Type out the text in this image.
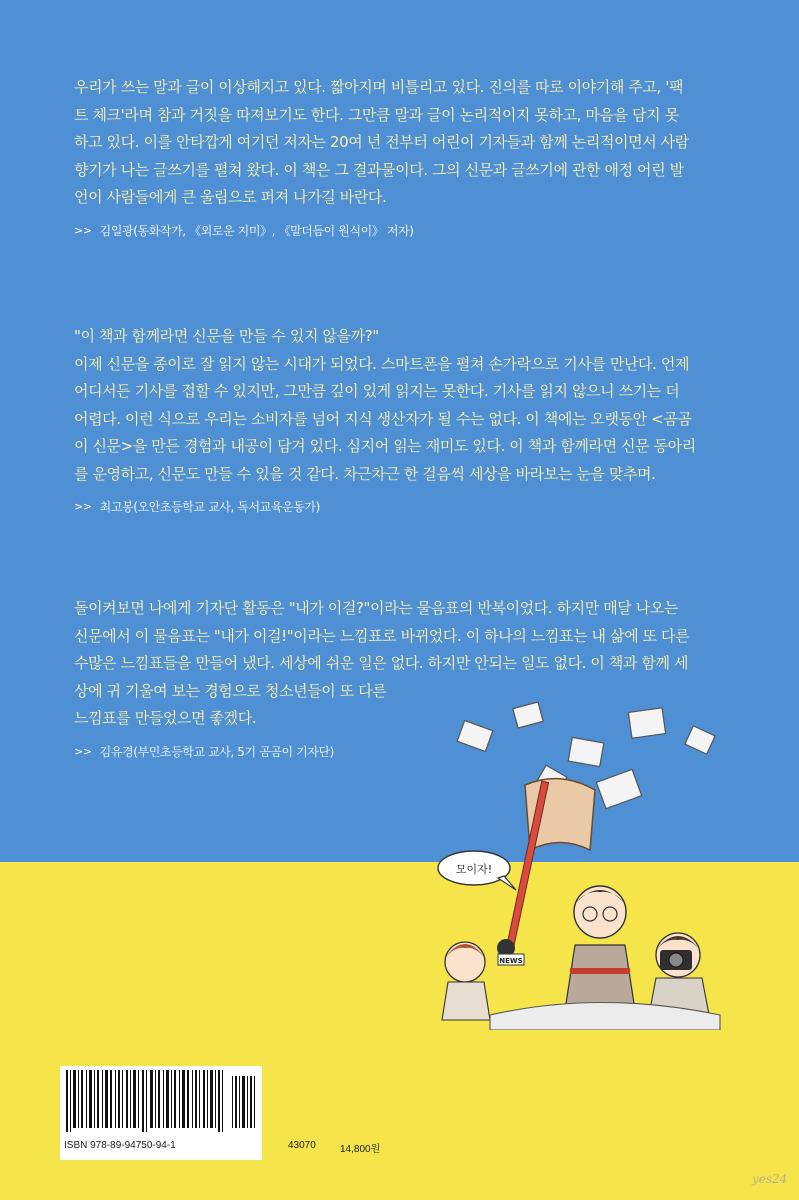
우리가 쓰는 말과 글이 이상해지고 있다. 짧아지며 비틀리고 있다. 진의를 따로 이야기해 주고, '팩
트 체크'라며 참과 거짓을 따져보기도 한다. 그만큼 말과 글이 논리적이지 못하고, 마음을 담지 못
하고 있다. 이를 안타깝게 여기던 저자는 20여 년 전부터 어린이 기자들과 함께 논리적이면서 사람
향기가 나는 글쓰기를 펼쳐 왔다. 이 책은 그 결과물이다. 그의 신문과 글쓰기에 관한 애정 어린 발
언이 사람들에게 큰 울림으로 퍼져 나가길 바란다.

>> 김일광(동화작가, 《외로운 지미》, 《말더듬이 원식이》 저자)

"이 책과 함께라면 신문을 만들 수 있지 않을까?"
이제 신문을 종이로 잘 읽지 않는 시대가 되었다. 스마트폰을 펼쳐 손가락으로 기사를 만난다. 언제
어디서든 기사를 접할 수 있지만, 그만큼 깊이 있게 읽지는 못한다. 기사를 읽지 않으니 쓰기는 더
어렵다. 이런 식으로 우리는 소비자를 넘어 지식 생산자가 될 수는 없다. 이 책에는 오랫동안 <곰곰
이 신문>을 만든 경험과 내공이 담겨 있다. 심지어 읽는 재미도 있다. 이 책과 함께라면 신문 동아리
를 운영하고, 신문도 만들 수 있을 것 같다. 차근차근 한 걸음씩 세상을 바라보는 눈을 맞추며.

>> 최고봉(오안초등학교 교사, 독서교육운동가)

돌이켜보면 나에게 기자단 활동은 "내가 이걸?"이라는 물음표의 반복이었다. 하지만 매달 나오는
신문에서 이 물음표는 "내가 이걸!"이라는 느낌표로 바뀌었다. 이 하나의 느낌표는 내 삶에 또 다른
수많은 느낌표들을 만들어 냈다. 세상에 쉬운 일은 없다. 하지만 안되는 일도 없다. 이 책과 함께 세
상에 귀 기울여 보는 경험으로 청소년들이 또 다른
느낌표를 만들었으면 좋겠다.

>> 김유경(부민초등학교 교사, 5기 곰곰이 기자단)
모이자!
NEWS
ISBN 978-89-94750-94-1	43070 14,800원
yes24
